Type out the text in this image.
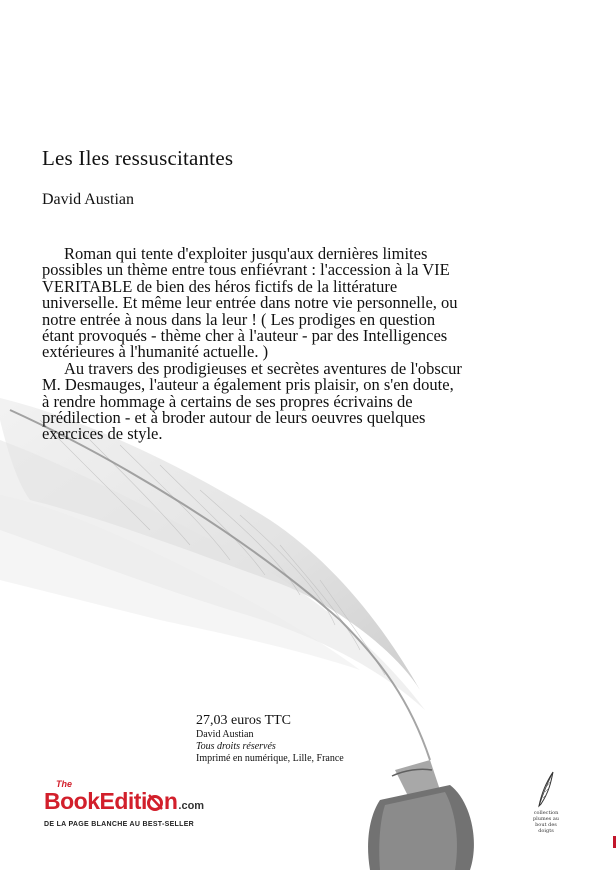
Les Iles ressuscitantes
David Austian

Roman qui tente d'exploiter jusqu'aux dernières limites possibles un thème entre tous enfiévrant : l'accession à la VIE VERITABLE de bien des héros fictifs de la littérature universelle. Et même leur entrée dans notre vie personnelle, ou notre entrée à nous dans la leur ! ( Les prodiges en question étant provoqués - thème cher à l'auteur - par des Intelligences extérieures à l'humanité actuelle. )

Au travers des prodigieuses et secrètes aventures de l'obscur M. Desmauges, l'auteur a également pris plaisir, on s'en doute, à rendre hommage à certains de ses propres écrivains de prédilection - et à broder autour de leurs oeuvres quelques exercices de style.

27,03 euros TTC
David Austian
Tous droits réservés
Imprimé en numérique, Lille, France
The
BookEditi n.com
DE LA PAGE BLANCHE AU BEST-SELLER
collection
plumes au
bout des
doigts
